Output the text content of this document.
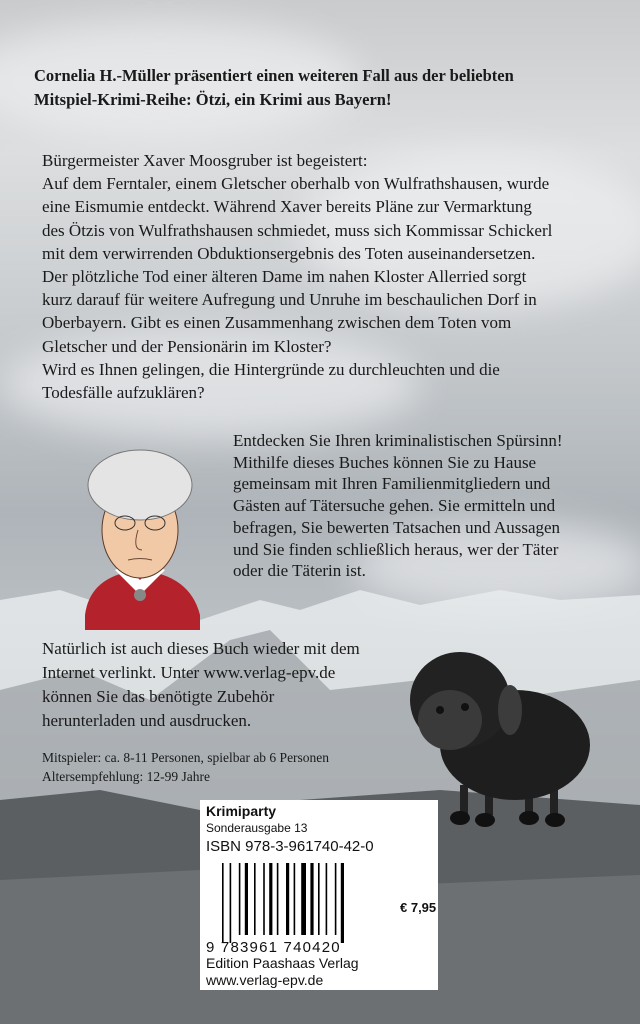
Cornelia H.-Müller präsentiert einen weiteren Fall aus der beliebten
Mitspiel-Krimi-Reihe: Ötzi, ein Krimi aus Bayern!
Bürgermeister Xaver Moosgruber ist begeistert:
Auf dem Ferntaler, einem Gletscher oberhalb von Wulfrathshausen, wurde
eine Eismumie entdeckt. Während Xaver bereits Pläne zur Vermarktung
des Ötzis von Wulfrathshausen schmiedet, muss sich Kommissar Schickerl
mit dem verwirrenden Obduktionsergebnis des Toten auseinandersetzen.
Der plötzliche Tod einer älteren Dame im nahen Kloster Allerried sorgt
kurz darauf für weitere Aufregung und Unruhe im beschaulichen Dorf in
Oberbayern. Gibt es einen Zusammenhang zwischen dem Toten vom
Gletscher und der Pensionärin im Kloster?
Wird es Ihnen gelingen, die Hintergründe zu durchleuchten und die
Todesfälle aufzuklären?
Entdecken Sie Ihren kriminalistischen Spürsinn!
Mithilfe dieses Buches können Sie zu Hause
gemeinsam mit Ihren Familienmitgliedern und
Gästen auf Tätersuche gehen. Sie ermitteln und
befragen, Sie bewerten Tatsachen und Aussagen
und Sie finden schließlich heraus, wer der Täter
oder die Täterin ist.
Natürlich ist auch dieses Buch wieder mit dem
Internet verlinkt. Unter www.verlag-epv.de
können Sie das benötigte Zubehör
herunterladen und ausdrucken.
Mitspieler: ca. 8-11 Personen, spielbar ab 6 Personen
Altersempfehlung: 12-99 Jahre
Krimiparty
Sonderausgabe 13
ISBN 978-3-961740-42-0
€ 7,95
9 783961 740420
Edition Paashaas Verlag
www.verlag-epv.de
